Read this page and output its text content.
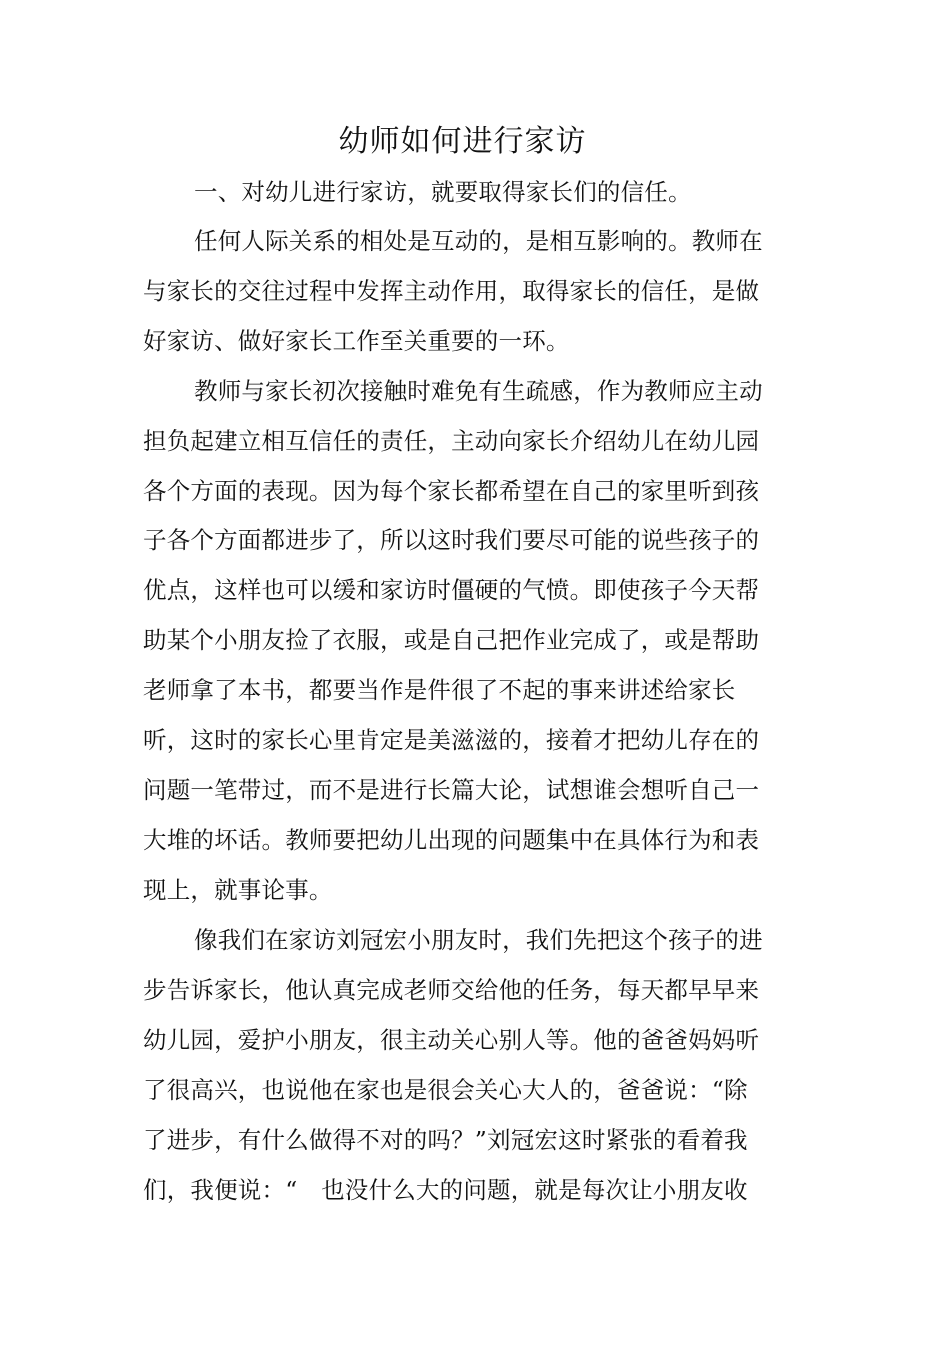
幼师如何进行家访
一、对幼儿进行家访，就要取得家长们的信任。
任何人际关系的相处是互动的，是相互影响的。教师在
与家长的交往过程中发挥主动作用，取得家长的信任，是做
好家访、做好家长工作至关重要的一环。
教师与家长初次接触时难免有生疏感，作为教师应主动
担负起建立相互信任的责任，主动向家长介绍幼儿在幼儿园
各个方面的表现。因为每个家长都希望在自己的家里听到孩
子各个方面都进步了，所以这时我们要尽可能的说些孩子的
优点，这样也可以缓和家访时僵硬的气愤。即使孩子今天帮
助某个小朋友捡了衣服，或是自己把作业完成了，或是帮助
老师拿了本书，都要当作是件很了不起的事来讲述给家长
听，这时的家长心里肯定是美滋滋的，接着才把幼儿存在的
问题一笔带过，而不是进行长篇大论，试想谁会想听自己一
大堆的坏话。教师要把幼儿出现的问题集中在具体行为和表
现上，就事论事。
像我们在家访刘冠宏小朋友时，我们先把这个孩子的进
步告诉家长，他认真完成老师交给他的任务，每天都早早来
幼儿园，爱护小朋友，很主动关心别人等。他的爸爸妈妈听
了很高兴，也说他在家也是很会关心大人的，爸爸说：“除
了进步，有什么做得不对的吗？”刘冠宏这时紧张的看着我
们，我便说：“　也没什么大的问题，就是每次让小朋友收
